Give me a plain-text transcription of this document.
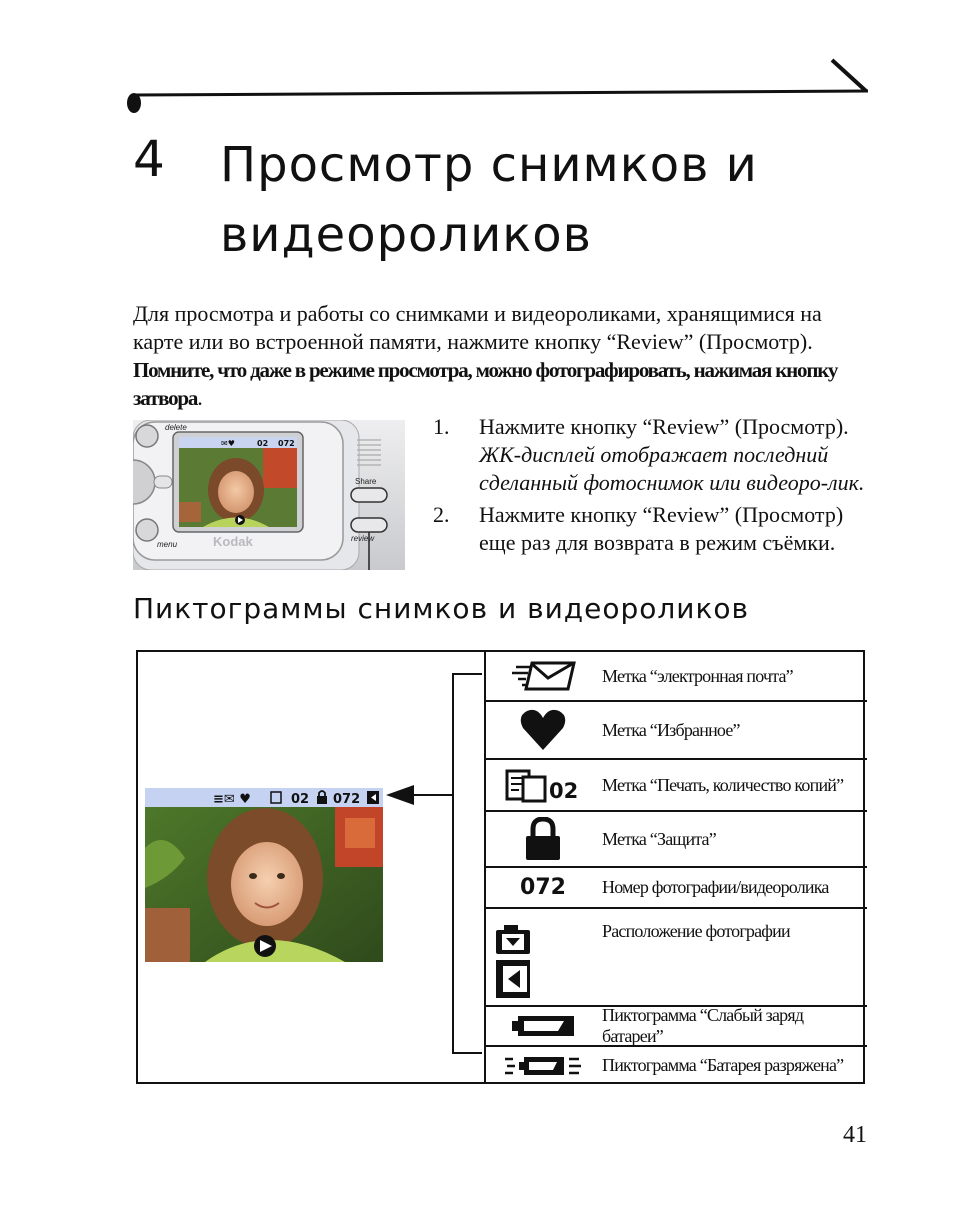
4 Просмотр снимков и
видеороликов
Для просмотра и работы со снимками и видеороликами, хранящимися на карте или во встроенной памяти, нажмите кнопку “Review” (Просмотр). Помните, что даже в режиме просмотра, можно фотографировать, нажимая кнопку затвора.
✉♥	02 072
Kodak
delete
menu
Share
review
1. Нажмите кнопку “Review” (Просмотр).
ЖК-дисплей отображает последний сделанный фотоснимок или видеоро-лик.
2. Нажмите кнопку “Review” (Просмотр) еще раз для возврата в режим съёмки.
Пиктограммы снимков и видеороликов
Метка “электронная почта”
Метка “Избранное”
02 Метка “Печать, количество копий”
Метка “Защита”
072 Номер фотографии/видеоролика
Расположение фотографии
Пиктограмма “Слабый заряд батареи”
Пиктограмма “Батарея разряжена”
≡✉ ♥	02 072
41
